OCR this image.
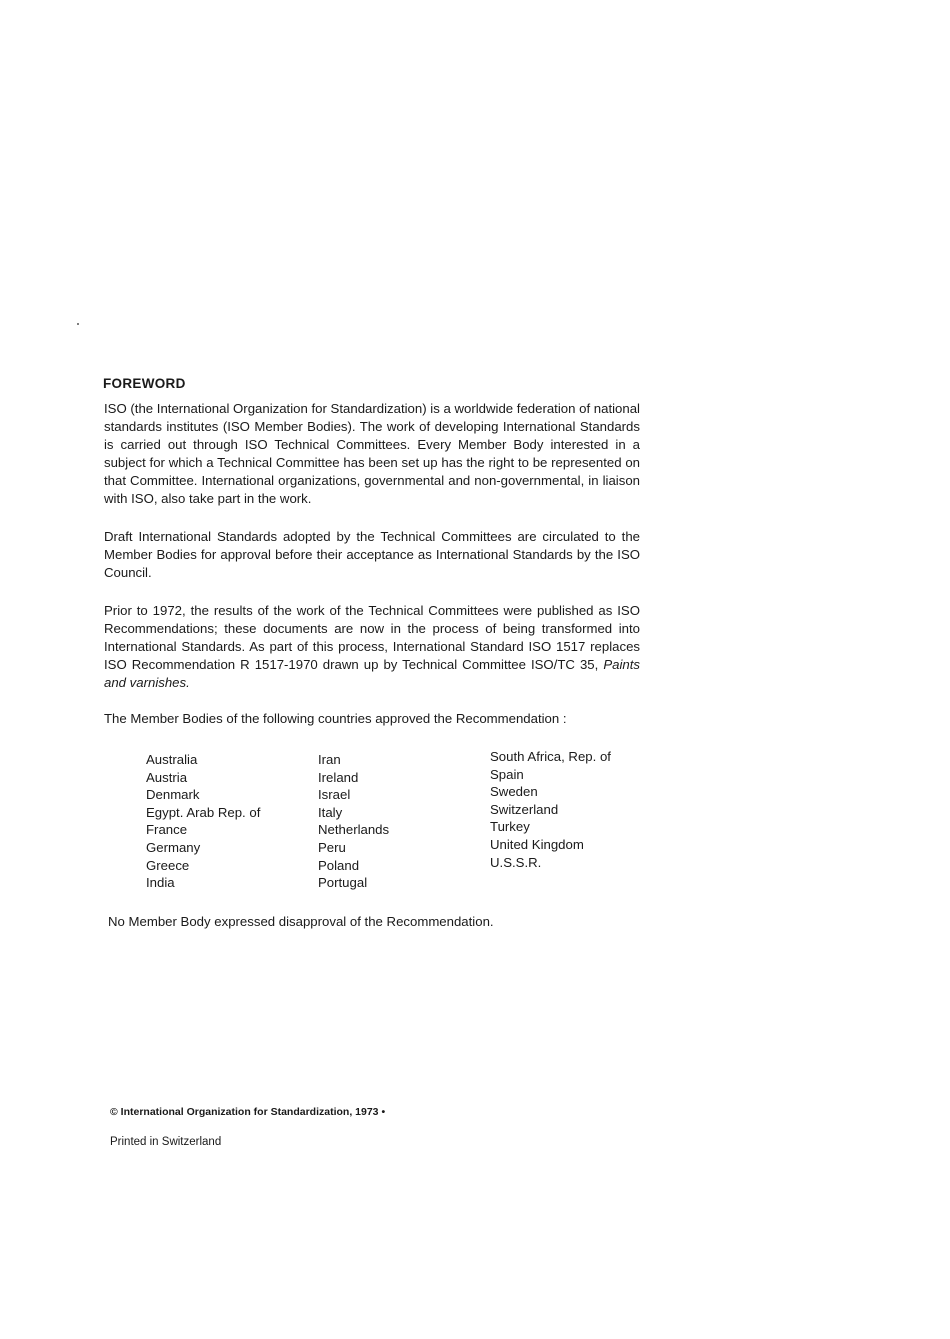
FOREWORD

ISO (the International Organization for Standardization) is a worldwide federation of national standards institutes (ISO Member Bodies). The work of developing International Standards is carried out through ISO Technical Committees. Every Member Body interested in a subject for which a Technical Committee has been set up has the right to be represented on that Committee. International organizations, governmental and non-governmental, in liaison with ISO, also take part in the work.

Draft International Standards adopted by the Technical Committees are circulated to the Member Bodies for approval before their acceptance as International Standards by the ISO Council.

Prior to 1972, the results of the work of the Technical Committees were published as ISO Recommendations; these documents are now in the process of being transformed into International Standards. As part of this process, International Standard ISO 1517 replaces ISO Recommendation R 1517-1970 drawn up by Technical Committee ISO/TC 35, Paints and varnishes.

The Member Bodies of the following countries approved the Recommendation :

Australia
Austria
Denmark
Egypt. Arab Rep. of
France
Germany
Greece
India
Iran
Ireland
Israel
Italy
Netherlands
Peru
Poland
Portugal
South Africa, Rep. of
Spain
Sweden
Switzerland
Turkey
United Kingdom
U.S.S.R.

No Member Body expressed disapproval of the Recommendation.

© International Organization for Standardization, 1973 •
Printed in Switzerland
